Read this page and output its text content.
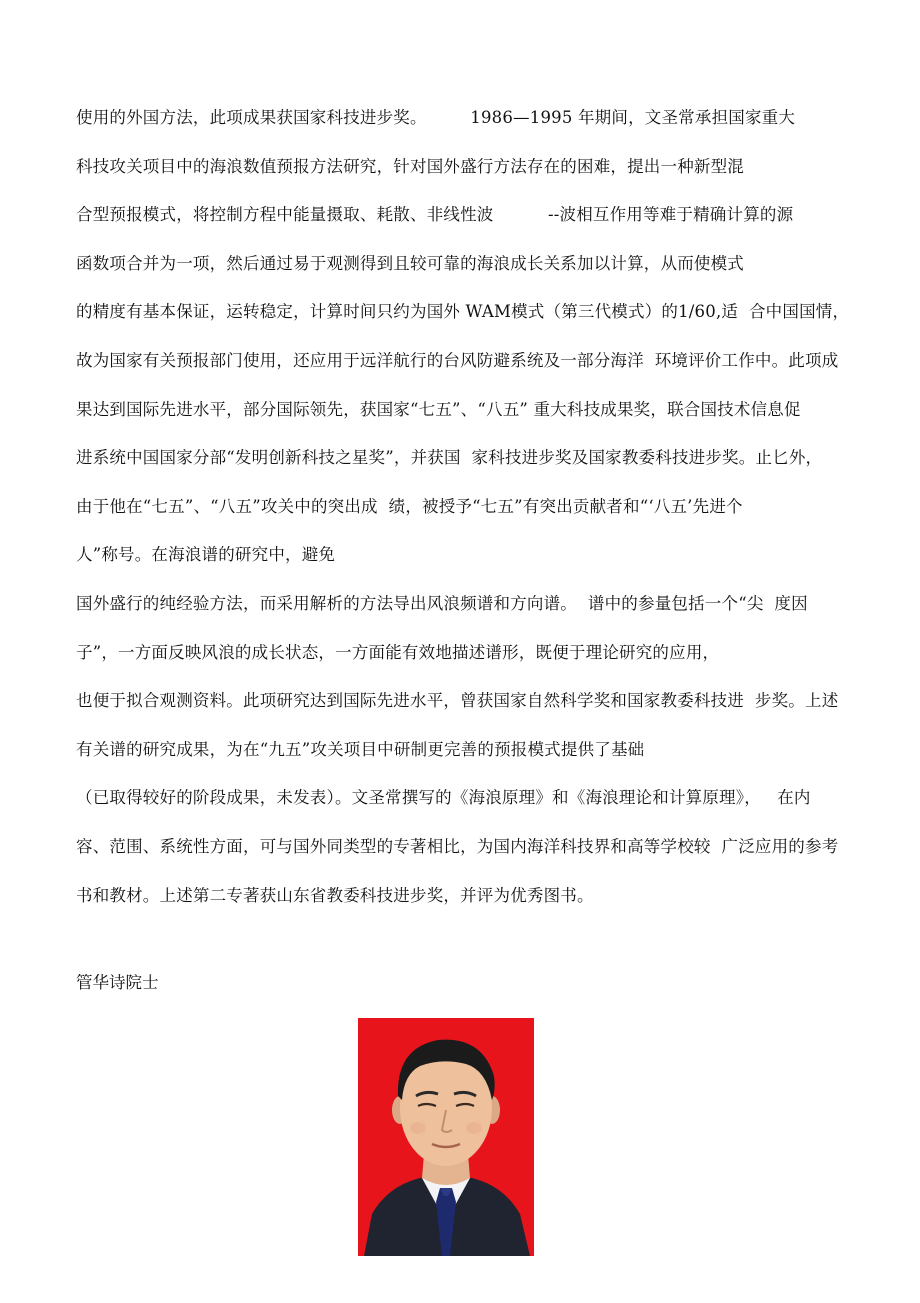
使用的外国方法，此项成果获国家科技进步奖。        1986—1995 年期间，文圣常承担国家重大
科技攻关项目中的海浪数值预报方法研究，针对国外盛行方法存在的困难，提出一种新型混
合型预报模式，将控制方程中能量摄取、耗散、非线性波          --波相互作用等难于精确计算的源
函数项合并为一项，然后通过易于观测得到且较可靠的海浪成长关系加以计算，从而使模式
的精度有基本保证，运转稳定，计算时间只约为国外 WAM模式（第三代模式）的1/60,适  合中国国情，
故为国家有关预报部门使用，还应用于远洋航行的台风防避系统及一部分海洋  环境评价工作中。此项成
果达到国际先进水平，部分国际领先，获国家“七五”、“八五” 重大科技成果奖，联合国技术信息促
进系统中国国家分部“发明创新科技之星奖”，并获国  家科技进步奖及国家教委科技进步奖。止匕外，
由于他在“七五”、“八五”攻关中的突出成  绩，被授予“七五”有突出贡献者和“‘八五’先进个
人”称号。在海浪谱的研究中，避免
国外盛行的纯经验方法，而采用解析的方法导出风浪频谱和方向谱。  谱中的参量包括一个“尖  度因
子”，一方面反映风浪的成长状态，一方面能有效地描述谱形，既便于理论研究的应用，
也便于拟合观测资料。此项研究达到国际先进水平，曾获国家自然科学奖和国家教委科技进  步奖。上述
有关谱的研究成果，为在“九五”攻关项目中研制更完善的预报模式提供了基础
（已取得较好的阶段成果，未发表）。文圣常撰写的《海浪原理》和《海浪理论和计算原理》，   在内
容、范围、系统性方面，可与国外同类型的专著相比，为国内海洋科技界和高等学校较  广泛应用的参考
书和教材。上述第二专著获山东省教委科技进步奖，并评为优秀图书。
管华诗院士
